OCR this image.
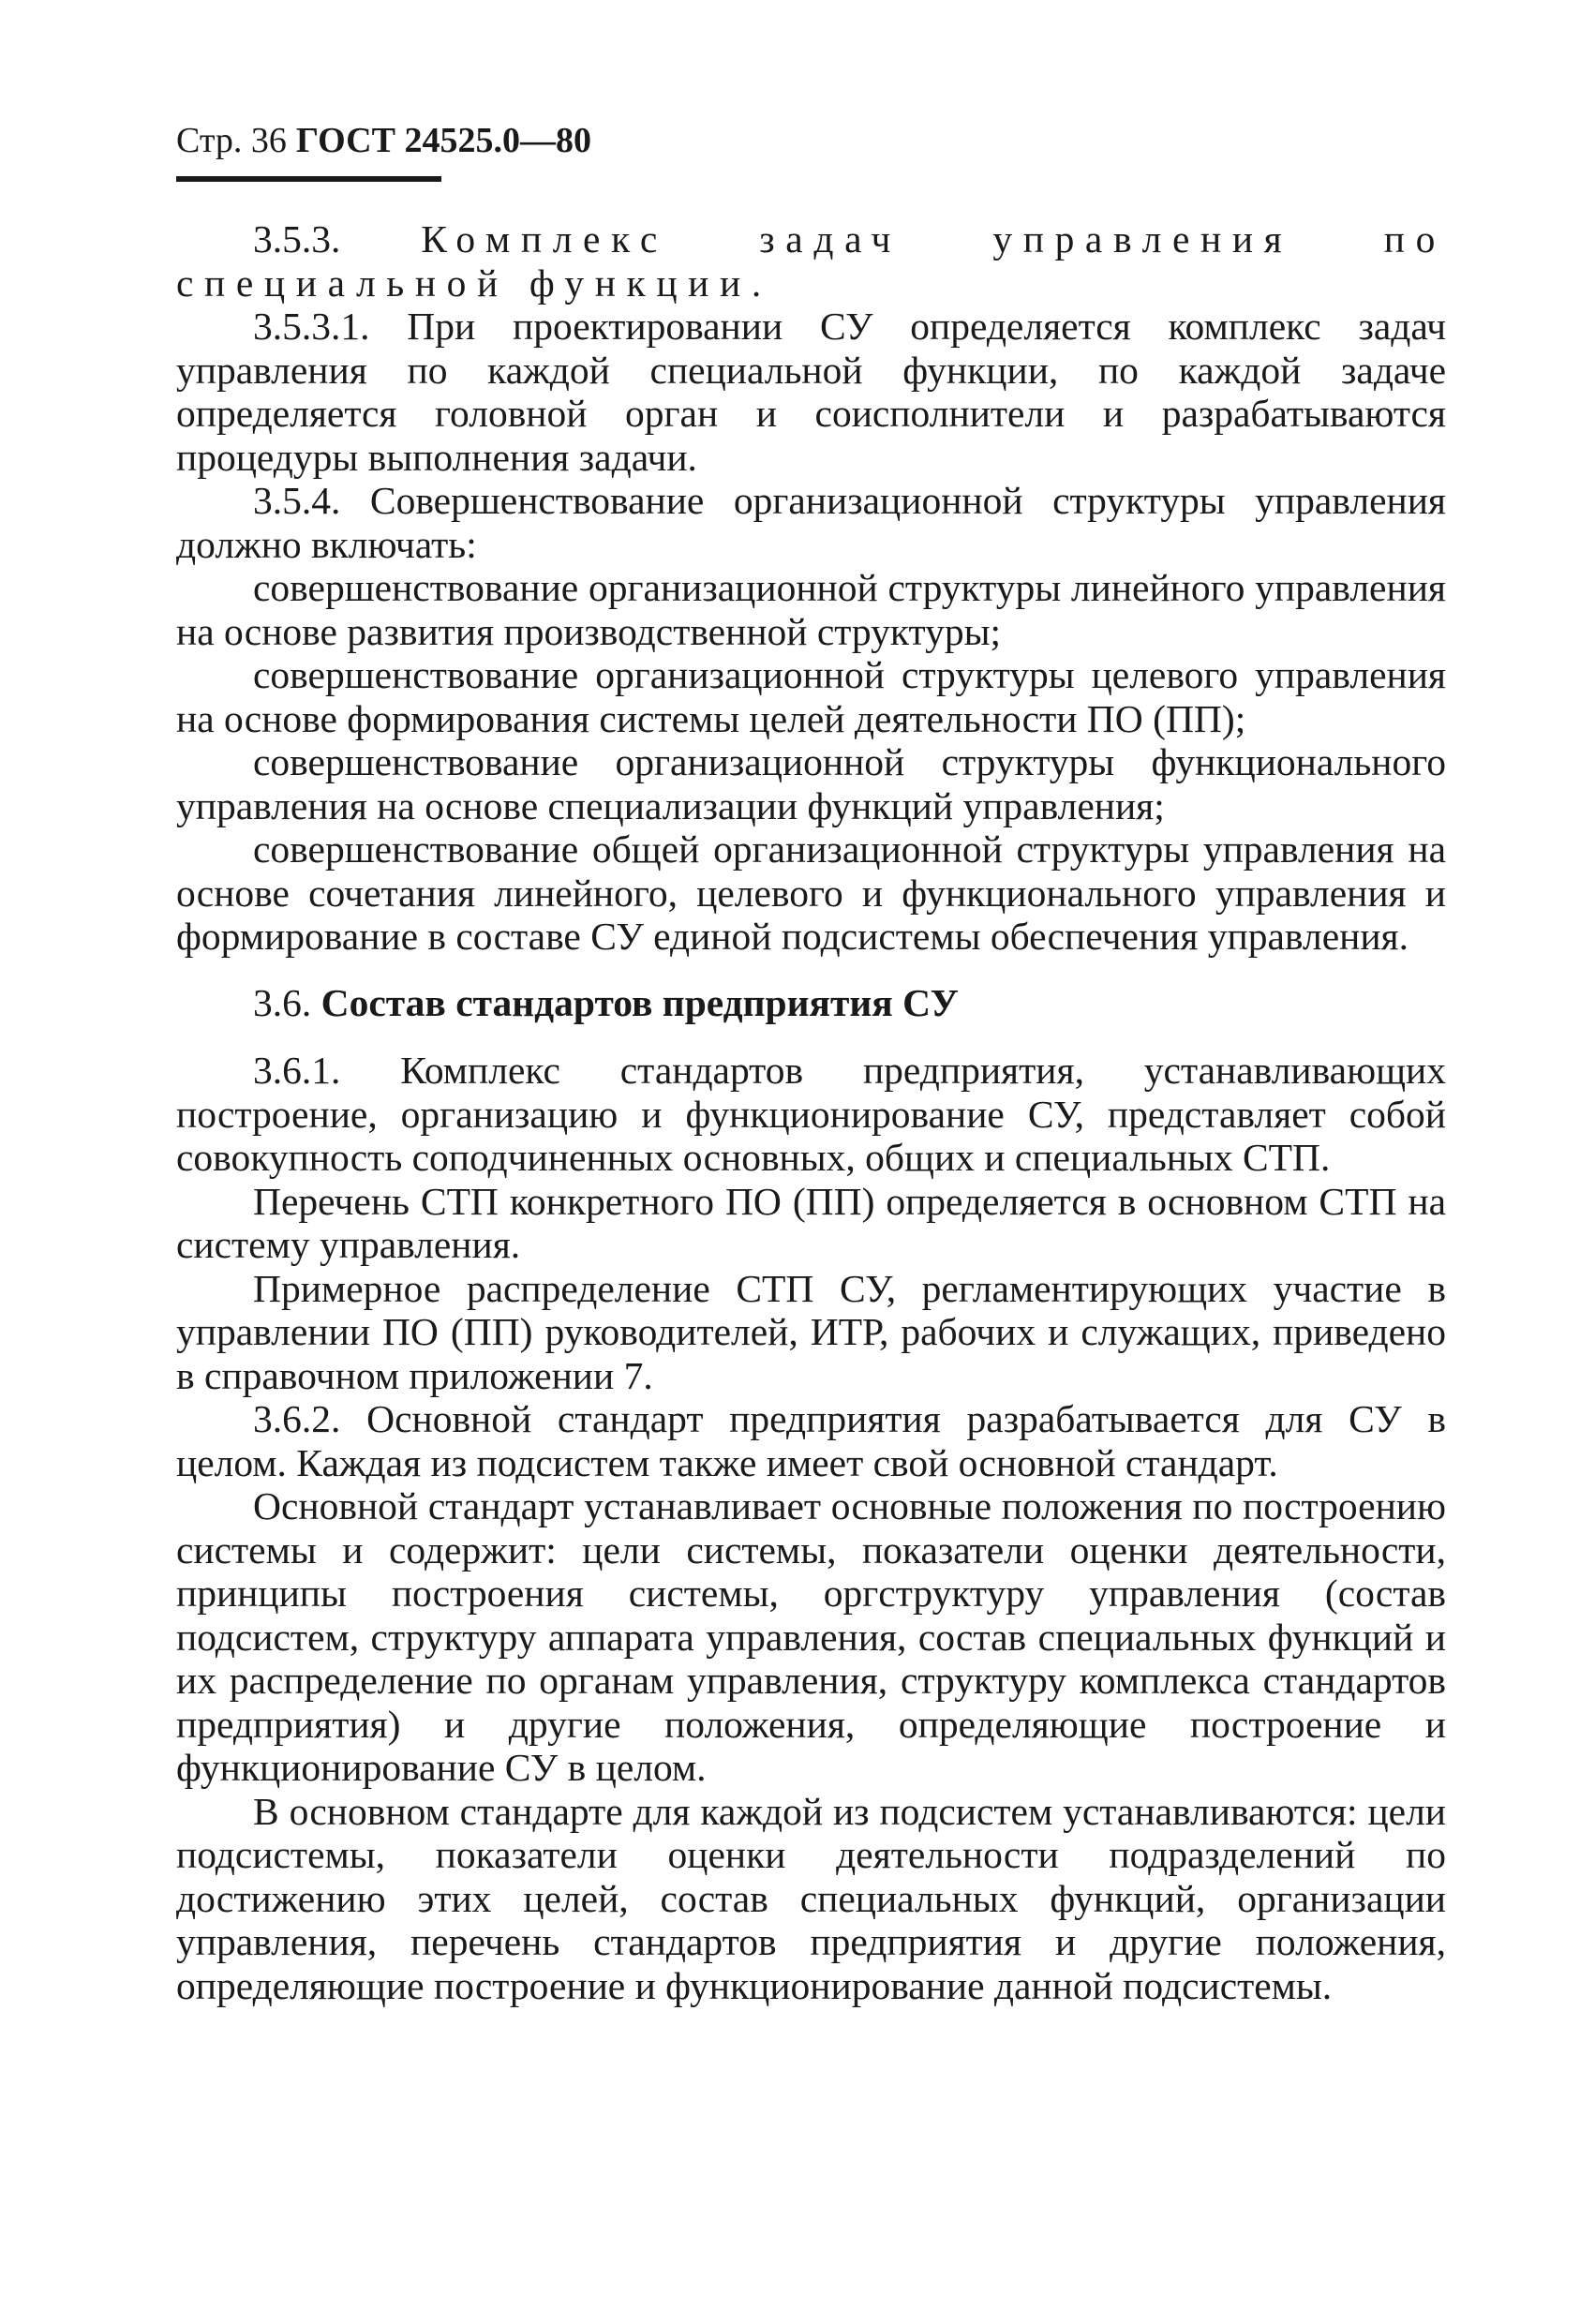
Стр. 36 ГОСТ 24525.0—80

3.5.3. Комплекс задач управления по специальной функции.

3.5.3.1. При проектировании СУ определяется комплекс задач управления по каждой специальной функции, по каждой задаче определяется головной орган и соисполнители и разрабатываются процедуры выполнения задачи.

3.5.4. Совершенствование организационной структуры управления должно включать:

совершенствование организационной структуры линейного управления на основе развития производственной структуры;

совершенствование организационной структуры целевого управления на основе формирования системы целей деятельности ПО (ПП);

совершенствование организационной структуры функционального управления на основе специализации функций управления;

совершенствование общей организационной структуры управления на основе сочетания линейного, целевого и функционального управления и формирование в составе СУ единой подсистемы обеспечения управления.

3.6. Состав стандартов предприятия СУ

3.6.1. Комплекс стандартов предприятия, устанавливающих построение, организацию и функционирование СУ, представляет собой совокупность соподчиненных основных, общих и специальных СТП.

Перечень СТП конкретного ПО (ПП) определяется в основном СТП на систему управления.

Примерное распределение СТП СУ, регламентирующих участие в управлении ПО (ПП) руководителей, ИТР, рабочих и служащих, приведено в справочном приложении 7.

3.6.2. Основной стандарт предприятия разрабатывается для СУ в целом. Каждая из подсистем также имеет свой основной стандарт.

Основной стандарт устанавливает основные положения по построению системы и содержит: цели системы, показатели оценки деятельности, принципы построения системы, оргструктуру управления (состав подсистем, структуру аппарата управления, состав специальных функций и их распределение по органам управления, структуру комплекса стандартов предприятия) и другие положения, определяющие построение и функционирование СУ в целом.

В основном стандарте для каждой из подсистем устанавливаются: цели подсистемы, показатели оценки деятельности подразделений по достижению этих целей, состав специальных функций, организации управления, перечень стандартов предприятия и другие положения, определяющие построение и функционирование данной подсистемы.
